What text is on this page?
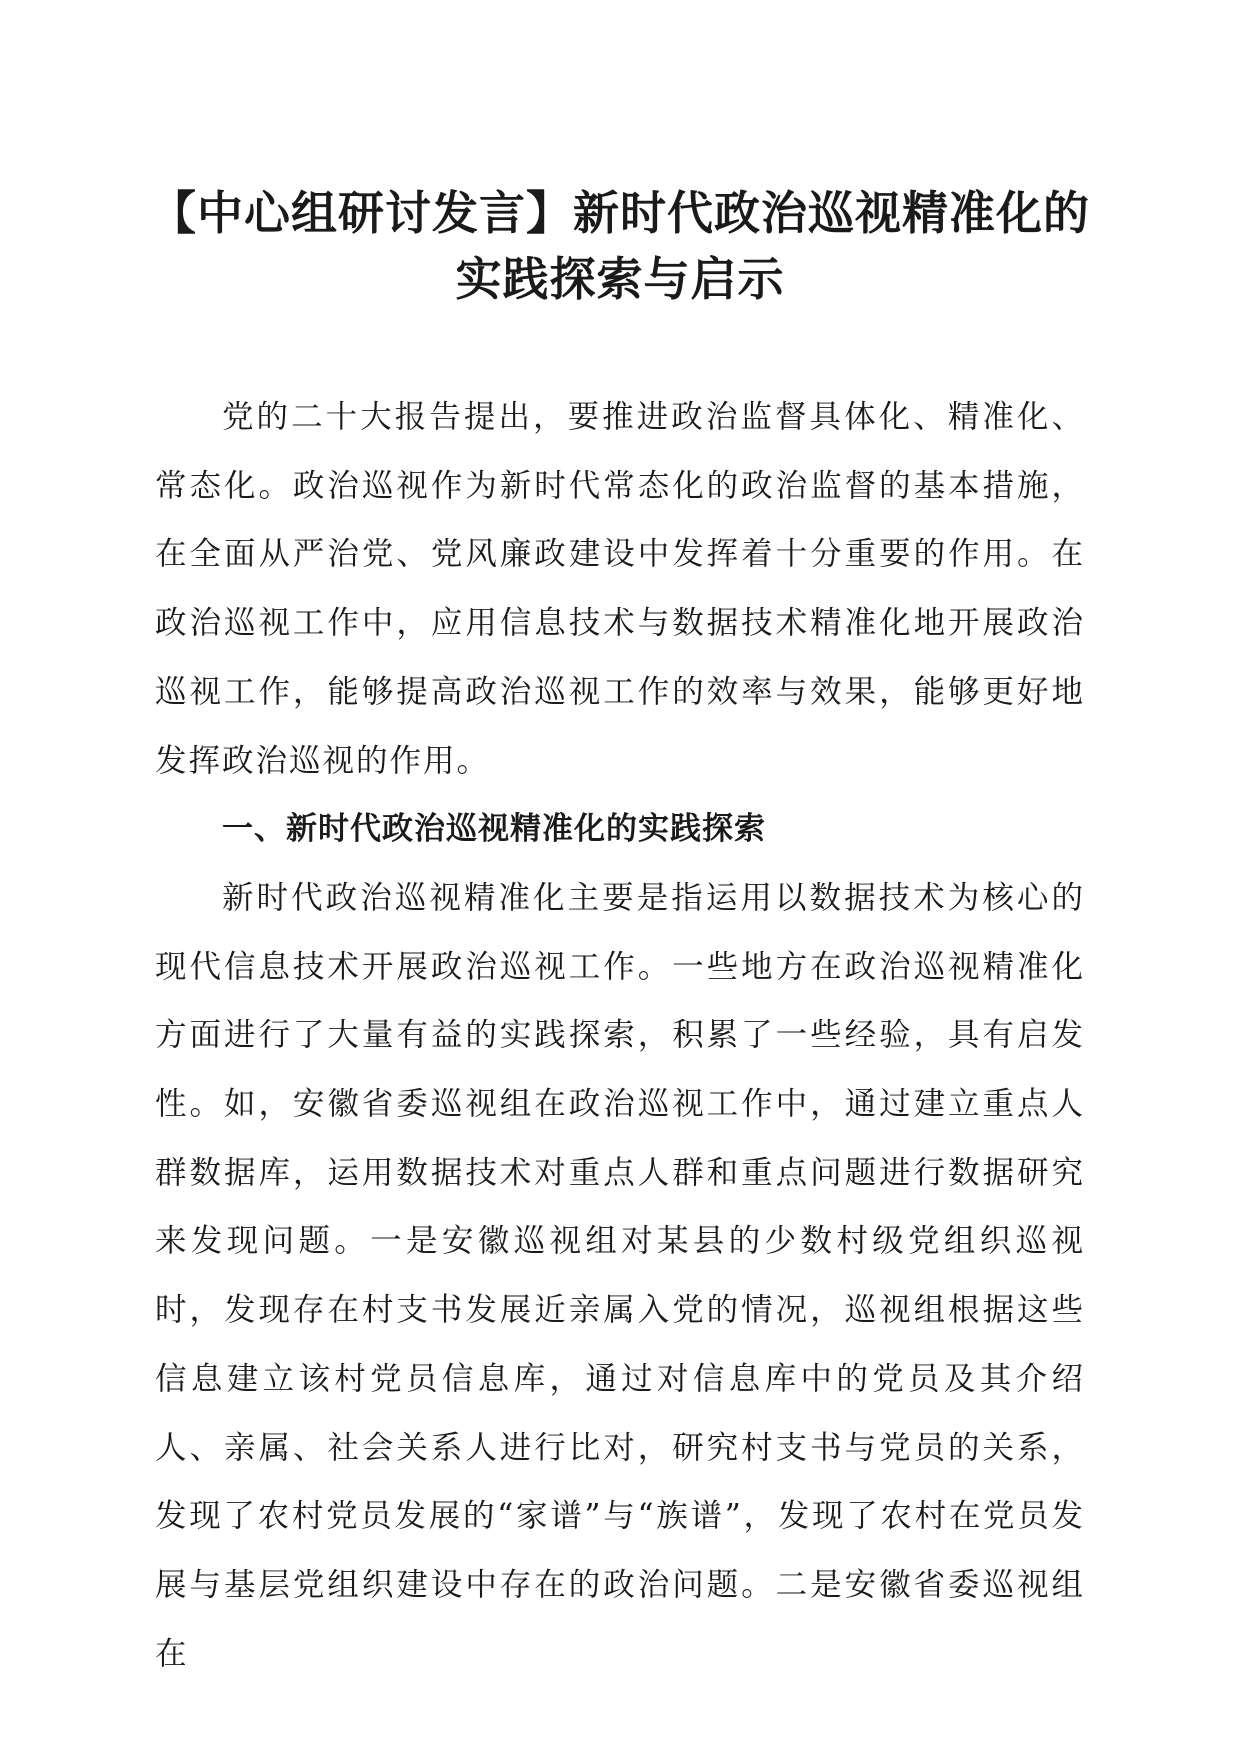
【中心组研讨发言】新时代政治巡视精准化的
实践探索与启示

党的二十大报告提出，要推进政治监督具体化、精准化、常态化。政治巡视作为新时代常态化的政治监督的基本措施，在全面从严治党、党风廉政建设中发挥着十分重要的作用。在政治巡视工作中，应用信息技术与数据技术精准化地开展政治巡视工作，能够提高政治巡视工作的效率与效果，能够更好地发挥政治巡视的作用。

一、新时代政治巡视精准化的实践探索

新时代政治巡视精准化主要是指运用以数据技术为核心的现代信息技术开展政治巡视工作。一些地方在政治巡视精准化方面进行了大量有益的实践探索，积累了一些经验，具有启发性。如，安徽省委巡视组在政治巡视工作中，通过建立重点人群数据库，运用数据技术对重点人群和重点问题进行数据研究来发现问题。一是安徽巡视组对某县的少数村级党组织巡视时，发现存在村支书发展近亲属入党的情况，巡视组根据这些信息建立该村党员信息库，通过对信息库中的党员及其介绍人、亲属、社会关系人进行比对，研究村支书与党员的关系，发现了农村党员发展的“家谱”与“族谱”，发现了农村在党员发展与基层党组织建设中存在的政治问题。二是安徽省委巡视组在
